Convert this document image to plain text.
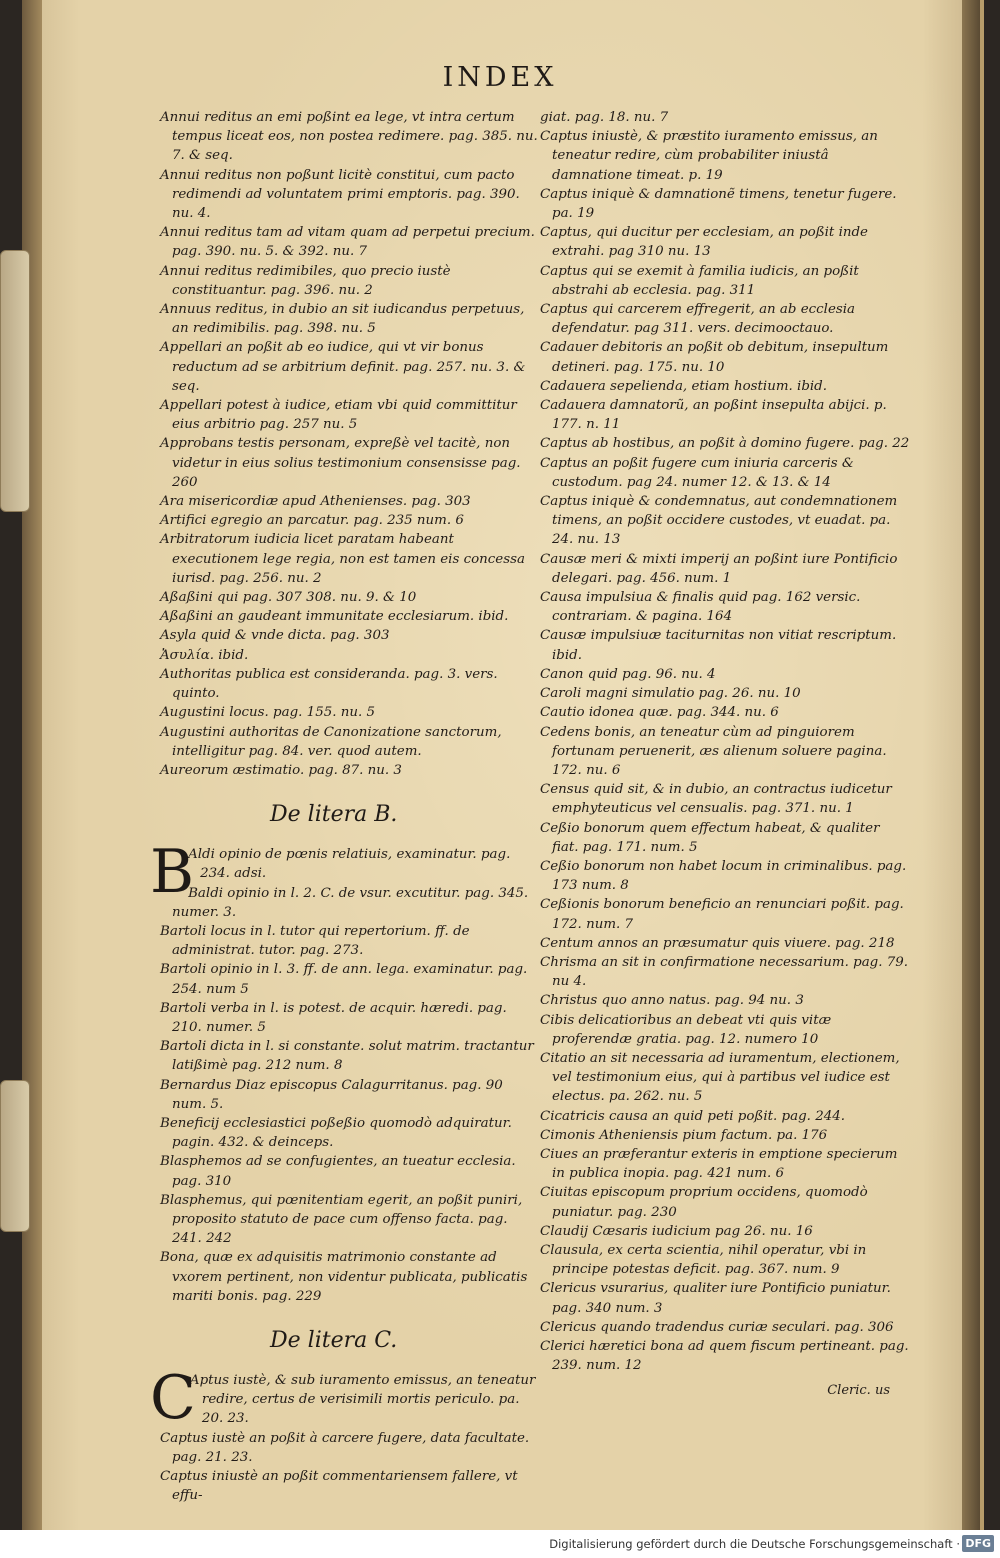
INDEX

Annui reditus an emi poßint ea lege, vt intra certum tempus liceat eos, non postea redimere. pag. 385. nu. 7. & seq.

Annui reditus non poßunt licitè constitui, cum pacto redimendi ad voluntatem primi emptoris. pag. 390. nu. 4.

Annui reditus tam ad vitam quam ad perpetui precium. pag. 390. nu. 5. & 392. nu. 7

Annui reditus redimibiles, quo precio iustè constituantur. pag. 396. nu. 2

Annuus reditus, in dubio an sit iudicandus perpetuus, an redimibilis. pag. 398. nu. 5

Appellari an poßit ab eo iudice, qui vt vir bonus reductum ad se arbitrium definit. pag. 257. nu. 3. & seq.

Appellari potest à iudice, etiam vbi quid committitur eius arbitrio pag. 257 nu. 5

Approbans testis personam, expreßè vel tacitè, non videtur in eius solius testimonium consensisse pag. 260

Ara misericordiæ apud Athenienses. pag. 303

Artifici egregio an parcatur. pag. 235 num. 6

Arbitratorum iudicia licet paratam habeant executionem lege regia, non est tamen eis concessa iurisd. pag. 256. nu. 2

Aßaßini qui pag. 307 308. nu. 9. & 10

Aßaßini an gaudeant immunitate ecclesiarum. ibid.

Asyla quid & vnde dicta. pag. 303

Ἀσυλία. ibid.

Authoritas publica est consideranda. pag. 3. vers. quinto.

Augustini locus. pag. 155. nu. 5

Augustini authoritas de Canonizatione sanctorum, intelligitur pag. 84. ver. quod autem.

Aureorum æstimatio. pag. 87. nu. 3

De litera B.
B

Aldi opinio de pœnis relatiuis, examinatur. pag. 234. adsi.

Baldi opinio in l. 2. C. de vsur. excutitur. pag. 345. numer. 3.

Bartoli locus in l. tutor qui repertorium. ff. de administrat. tutor. pag. 273.

Bartoli opinio in l. 3. ff. de ann. lega. examinatur. pag. 254. num 5

Bartoli verba in l. is potest. de acquir. hæredi. pag. 210. numer. 5

Bartoli dicta in l. si constante. solut matrim. tractantur latißimè pag. 212 num. 8

Bernardus Diaz episcopus Calagurritanus. pag. 90 num. 5.

Beneficij ecclesiastici poßeßio quomodò adquiratur. pagin. 432. & deinceps.

Blasphemos ad se confugientes, an tueatur ecclesia. pag. 310

Blasphemus, qui pœnitentiam egerit, an poßit puniri, proposito statuto de pace cum offenso facta. pag. 241. 242

Bona, quæ ex adquisitis matrimonio constante ad vxorem pertinent, non videntur publicata, publicatis mariti bonis. pag. 229

De litera C.
C

Aptus iustè, & sub iuramento emissus, an teneatur redire, certus de verisimili mortis periculo. pa. 20. 23.

Captus iustè an poßit à carcere fugere, data facultate. pag. 21. 23.

Captus iniustè an poßit commentariensem fallere, vt effu-

giat. pag. 18. nu. 7

Captus iniustè, & præstito iuramento emissus, an teneatur redire, cùm probabiliter iniustâ damnatione timeat. p. 19

Captus iniquè & damnationẽ timens, tenetur fugere. pa. 19

Captus, qui ducitur per ecclesiam, an poßit inde extrahi. pag 310 nu. 13

Captus qui se exemit à familia iudicis, an poßit abstrahi ab ecclesia. pag. 311

Captus qui carcerem effregerit, an ab ecclesia defendatur. pag 311. vers. decimooctauo.

Cadauer debitoris an poßit ob debitum, insepultum detineri. pag. 175. nu. 10

Cadauera sepelienda, etiam hostium. ibid.

Cadauera damnatorũ, an poßint insepulta abijci. p. 177. n. 11

Captus ab hostibus, an poßit à domino fugere. pag. 22

Captus an poßit fugere cum iniuria carceris & custodum. pag 24. numer 12. & 13. & 14

Captus iniquè & condemnatus, aut condemnationem timens, an poßit occidere custodes, vt euadat. pa. 24. nu. 13

Causæ meri & mixti imperij an poßint iure Pontificio delegari. pag. 456. num. 1

Causa impulsiua & finalis quid pag. 162 versic. contrariam. & pagina. 164

Causæ impulsiuæ taciturnitas non vitiat rescriptum. ibid.

Canon quid pag. 96. nu. 4

Caroli magni simulatio pag. 26. nu. 10

Cautio idonea quæ. pag. 344. nu. 6

Cedens bonis, an teneatur cùm ad pinguiorem fortunam peruenerit, æs alienum soluere pagina. 172. nu. 6

Census quid sit, & in dubio, an contractus iudicetur emphyteuticus vel censualis. pag. 371. nu. 1

Ceßio bonorum quem effectum habeat, & qualiter fiat. pag. 171. num. 5

Ceßio bonorum non habet locum in criminalibus. pag. 173 num. 8

Ceßionis bonorum beneficio an renunciari poßit. pag. 172. num. 7

Centum annos an præsumatur quis viuere. pag. 218

Chrisma an sit in confirmatione necessarium. pag. 79. nu 4.

Christus quo anno natus. pag. 94 nu. 3

Cibis delicatioribus an debeat vti quis vitæ proferendæ gratia. pag. 12. numero 10

Citatio an sit necessaria ad iuramentum, electionem, vel testimonium eius, qui à partibus vel iudice est electus. pa. 262. nu. 5

Cicatricis causa an quid peti poßit. pag. 244.

Cimonis Atheniensis pium factum. pa. 176

Ciues an præferantur exteris in emptione specierum in publica inopia. pag. 421 num. 6

Ciuitas episcopum proprium occidens, quomodò puniatur. pag. 230

Claudij Cæsaris iudicium pag 26. nu. 16

Clausula, ex certa scientia, nihil operatur, vbi in principe potestas deficit. pag. 367. num. 9

Clericus vsurarius, qualiter iure Pontificio puniatur. pag. 340 num. 3

Clericus quando tradendus curiæ seculari. pag. 306

Clerici hæretici bona ad quem fiscum pertineant. pag. 239. num. 12

Cleric. us
Digitalisierung gefördert durch die Deutsche Forschungsgemeinschaft · DFG
